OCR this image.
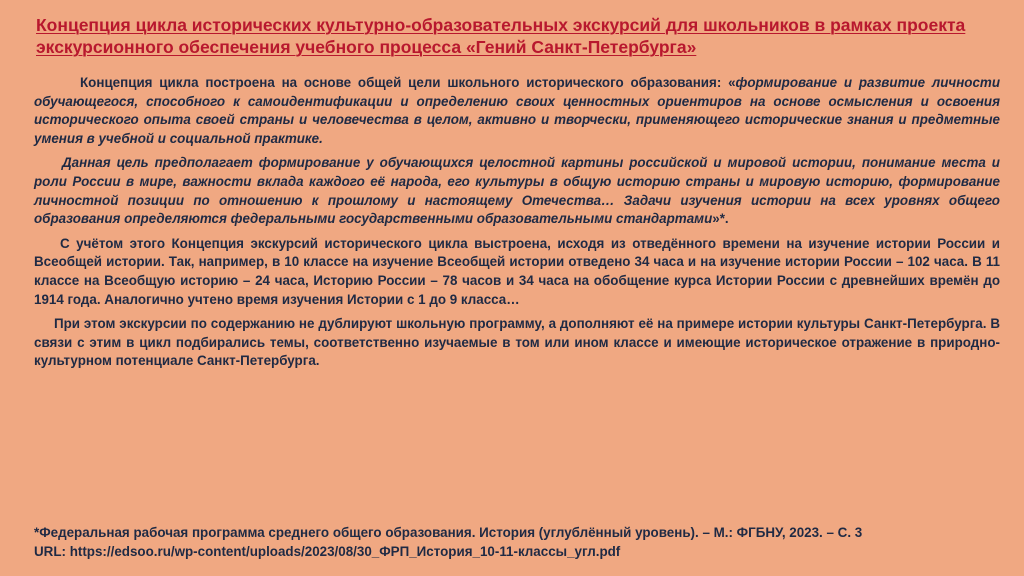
Концепция цикла исторических культурно-образовательных экскурсий для школьников в рамках проекта экскурсионного обеспечения учебного процесса «Гений Санкт-Петербурга»

Концепция цикла построена на основе общей цели школьного исторического образования: «формирование и развитие личности обучающегося, способного к самоидентификации и определению своих ценностных ориентиров на основе осмысления и освоения исторического опыта своей страны и человечества в целом, активно и творчески, применяющего исторические знания и предметные умения в учебной и социальной практике.

Данная цель предполагает формирование у обучающихся целостной картины российской и мировой истории, понимание места и роли России в мире, важности вклада каждого её народа, его культуры в общую историю страны и мировую историю, формирование личностной позиции по отношению к прошлому и настоящему Отечества… Задачи изучения истории на всех уровнях общего образования определяются федеральными государственными образовательными стандартами»*.

С учётом этого Концепция экскурсий исторического цикла выстроена, исходя из отведённого времени на изучение истории России и Всеобщей истории. Так, например, в 10 классе на изучение Всеобщей истории отведено 34 часа и на изучение истории России – 102 часа. В 11 классе на Всеобщую историю – 24 часа, Историю России – 78 часов и 34 часа на обобщение курса Истории России с древнейших времён до 1914 года. Аналогично учтено время изучения Истории с 1 до 9 класса…

При этом экскурсии по содержанию не дублируют школьную программу, а дополняют её на примере истории культуры Санкт-Петербурга. В связи с этим в цикл подбирались темы, соответственно изучаемые в том или ином классе и имеющие историческое отражение в природно-культурном потенциале Санкт-Петербурга.

*Федеральная рабочая программа среднего общего образования. История (углублённый уровень). – М.: ФГБНУ, 2023. – С. 3
URL: https://edsoo.ru/wp-content/uploads/2023/08/30_ФРП_История_10-11-классы_угл.pdf
